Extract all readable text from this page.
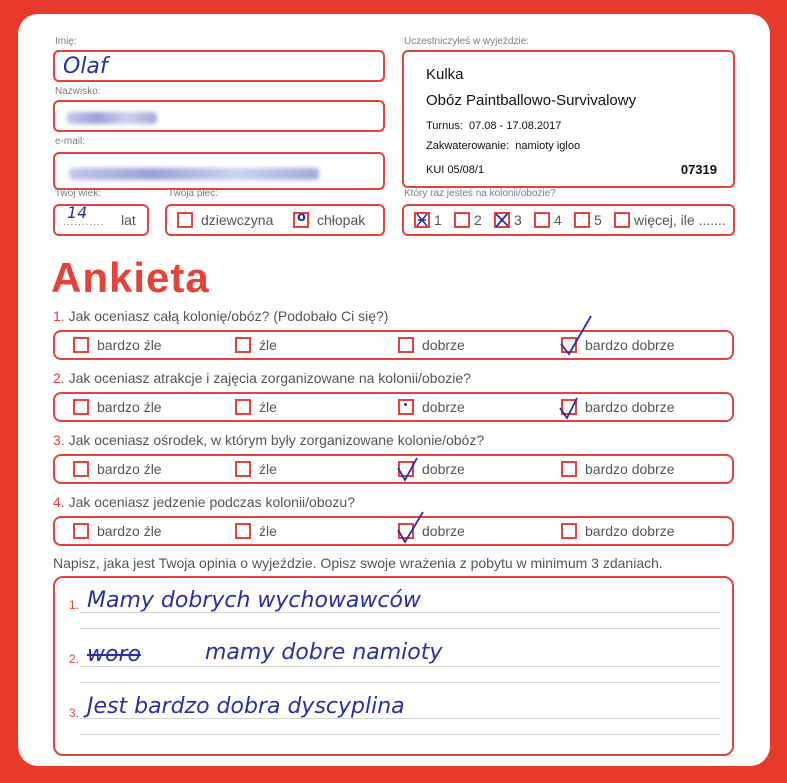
Imię:
Olaf
Nazwisko:
e-mail:
Twój wiek:
14
........... lat
Twoja płeć:
dziewczyna o chłopak
Uczestniczyłeś w wyjeździe:
Kulka
Obóz Paintballowo-Survivalowy
Turnus: 07.08 - 17.08.2017
Zakwaterowanie: namioty igloo
KUI 05/08/1	07319
Który raz jesteś na kolonii/obozie?
1 2 3 4 5 więcej, ile .......
Ankieta
1. Jak oceniasz całą kolonię/obóz? (Podobało Ci się?)
bardzo źle	źle	dobrze	bardzo dobrze
2. Jak oceniasz atrakcje i zajęcia zorganizowane na kolonii/obozie?
bardzo źle	źle	dobrze	bardzo dobrze
3. Jak oceniasz ośrodek, w którym były zorganizowane kolonie/obóz?
bardzo źle	źle	dobrze	bardzo dobrze
4. Jak oceniasz jedzenie podczas kolonii/obozu?
bardzo źle	źle	dobrze	bardzo dobrze
Napisz, jaka jest Twoja opinia o wyjeździe. Opisz swoje wrażenia z pobytu w minimum 3 zdaniach.
1. Mamy dobrych wychowawców
2. woro	mamy dobre namioty
3. Jest bardzo dobra dyscyplina
